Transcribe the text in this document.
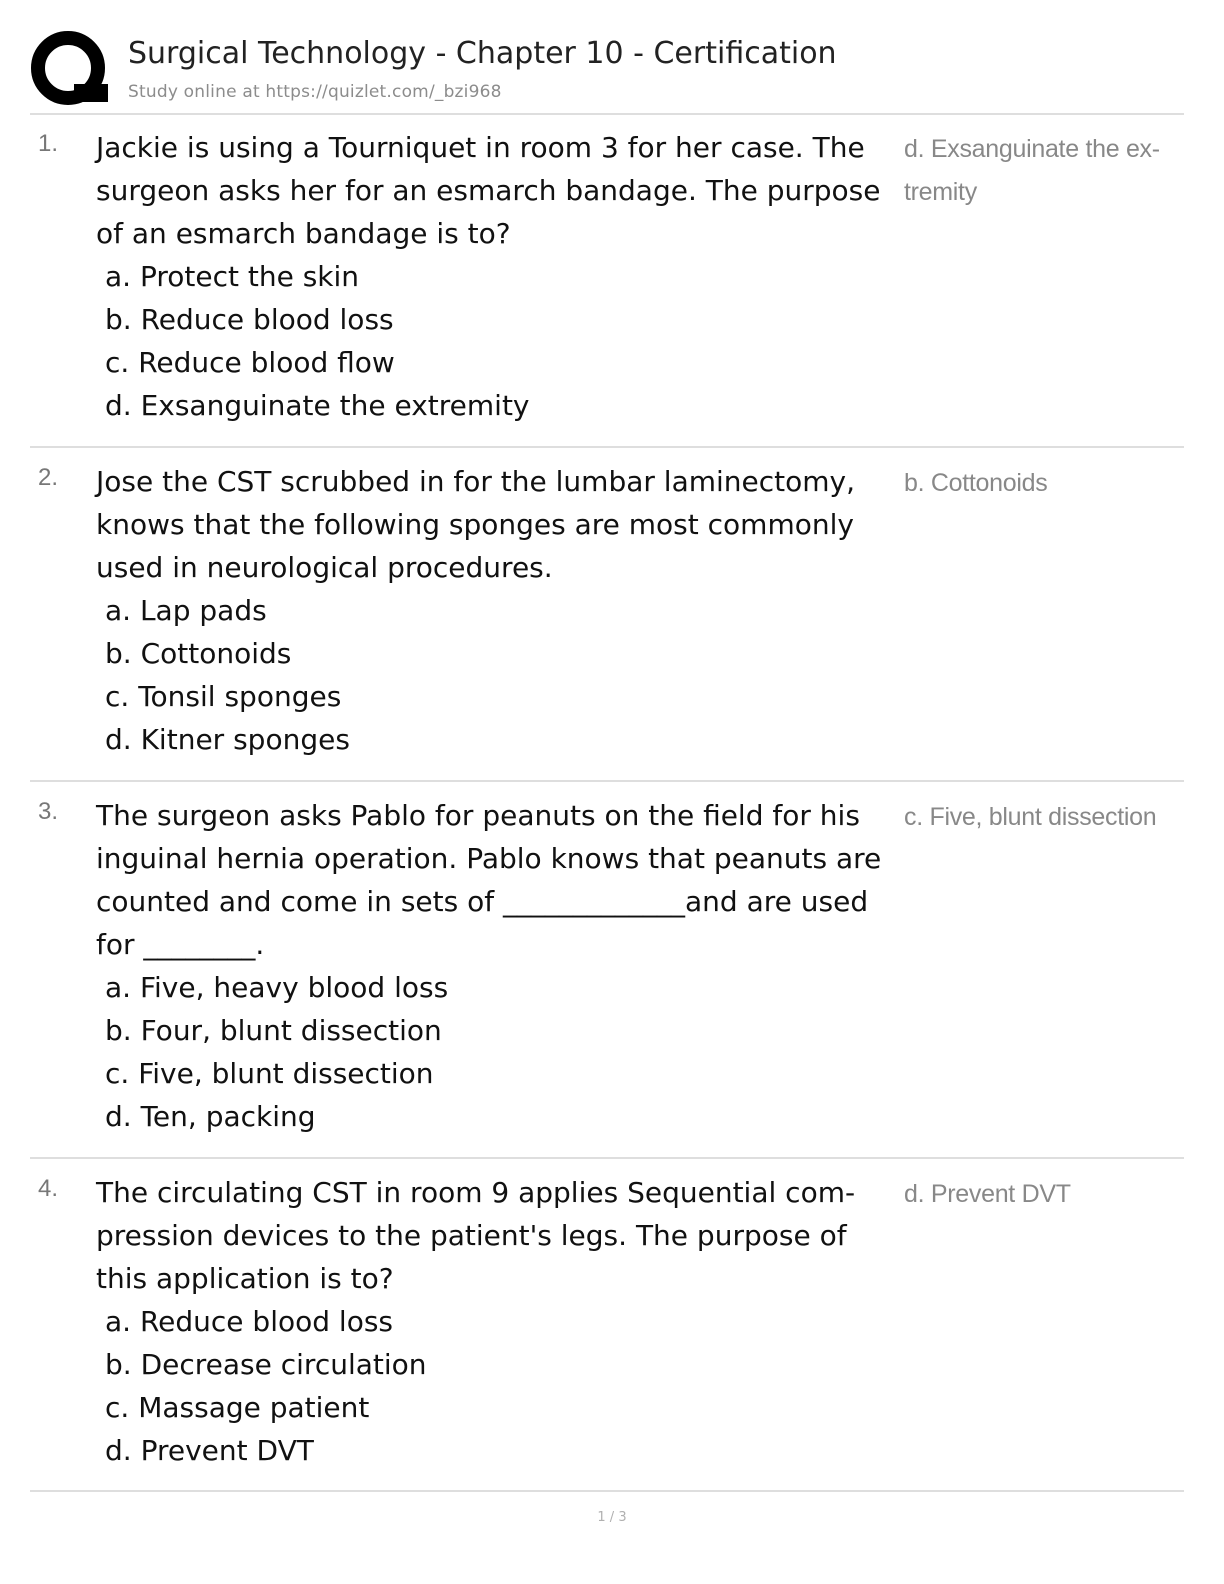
Surgical Technology - Chapter 10 - Certification
Study online at https://quizlet.com/_bzi968
1. Jackie is using a Tourniquet in room 3 for her case. The surgeon asks her for an esmarch bandage. The purpose of an esmarch bandage is to?
a. Protect the skin
b. Reduce blood loss
c. Reduce blood flow
d. Exsanguinate the extremity
d. Exsanguinate the ex-tremity
2. Jose the CST scrubbed in for the lumbar laminectomy, knows that the following sponges are most commonly used in neurological procedures.
a. Lap pads
b. Cottonoids
c. Tonsil sponges
d. Kitner sponges
b. Cottonoids
3. The surgeon asks Pablo for peanuts on the field for his inguinal hernia operation. Pablo knows that peanuts are counted and come in sets of _____________and are used for ________.
a. Five, heavy blood loss
b. Four, blunt dissection
c. Five, blunt dissection
d. Ten, packing
c. Five, blunt dissection
4. The circulating CST in room 9 applies Sequential com-pression devices to the patient's legs. The purpose of this application is to?
a. Reduce blood loss
b. Decrease circulation
c. Massage patient
d. Prevent DVT
d. Prevent DVT
1 / 3
